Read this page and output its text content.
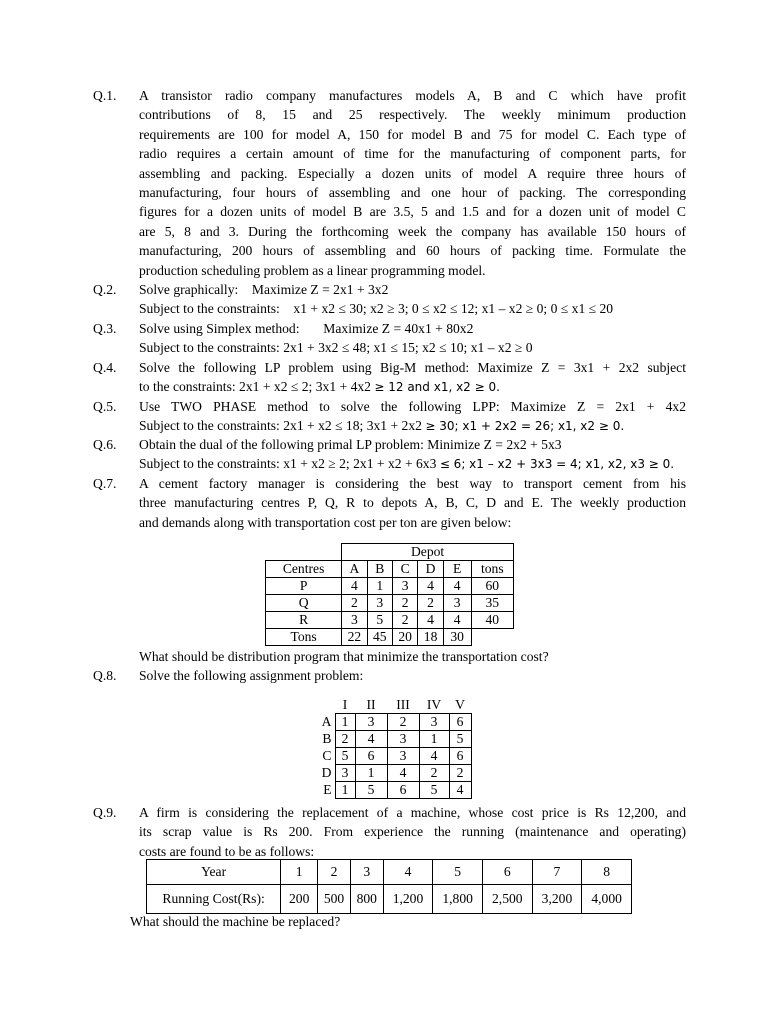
Q.1.	A transistor radio company manufactures models A, B and C which have profit
contributions of 8, 15 and 25 respectively. The weekly minimum production
requirements are 100 for model A, 150 for model B and 75 for model C. Each type of
radio requires a certain amount of time for the manufacturing of component parts, for
assembling and packing. Especially a dozen units of model A require three hours of
manufacturing, four hours of assembling and one hour of packing. The corresponding
figures for a dozen units of model B are 3.5, 5 and 1.5 and for a dozen unit of model C
are 5, 8 and 3. During the forthcoming week the company has available 150 hours of
manufacturing, 200 hours of assembling and 60 hours of packing time. Formulate the
production scheduling problem as a linear programming model.
Q.2.	Solve graphically:    Maximize Z = 2x1 + 3x2
Subject to the constraints:    x1 + x2 ≤ 30; x2 ≥ 3; 0 ≤ x2 ≤ 12; x1 – x2 ≥ 0; 0 ≤ x1 ≤ 20
Q.3.	Solve using Simplex method:       Maximize Z = 40x1 + 80x2
Subject to the constraints: 2x1 + 3x2 ≤ 48; x1 ≤ 15; x2 ≤ 10; x1 – x2 ≥ 0
Q.4.	Solve the following LP problem using Big-M method: Maximize Z = 3x1 + 2x2 subject
to the constraints: 2x1 + x2 ≤ 2; 3x1 + 4x2 ≥ 12 and x1, x2 ≥ 0.
Q.5.	Use TWO PHASE method to solve the following LPP: Maximize Z = 2x1 + 4x2
Subject to the constraints: 2x1 + x2 ≤ 18; 3x1 + 2x2 ≥ 30; x1 + 2x2 = 26; x1, x2 ≥ 0.
Q.6.	Obtain the dual of the following primal LP problem: Minimize Z = 2x2 + 5x3
Subject to the constraints: x1 + x2 ≥ 2; 2x1 + x2 + 6x3 ≤ 6; x1 – x2 + 3x3 = 4; x1, x2, x3 ≥ 0.
Q.7.	A cement factory manager is considering the best way to transport cement from his
three manufacturing centres P, Q, R to depots A, B, C, D and E. The weekly production
and demands along with transportation cost per ton are given below:
	Depot					
Centres	A	B	C	D	E	tons
P	4	1	3	4	4	60
Q	2	3	2	2	3	35
R	3	5	2	4	4	40
Tons	22	45	20	18	30	
What should be distribution program that minimize the transportation cost?
Q.8.	Solve the following assignment problem:
	I	II	III	IV	V
A	1	3	2	3	6
B	2	4	3	1	5
C	5	6	3	4	6
D	3	1	4	2	2
E	1	5	6	5	4
Q.9.	A firm is considering the replacement of a machine, whose cost price is Rs 12,200, and
its scrap value is Rs 200. From experience the running (maintenance and operating)
costs are found to be as follows:
Year	1	2	3	4	5	6	7	8
Running Cost(Rs):	200	500	800	1,200	1,800	2,500	3,200	4,000
What should the machine be replaced?
